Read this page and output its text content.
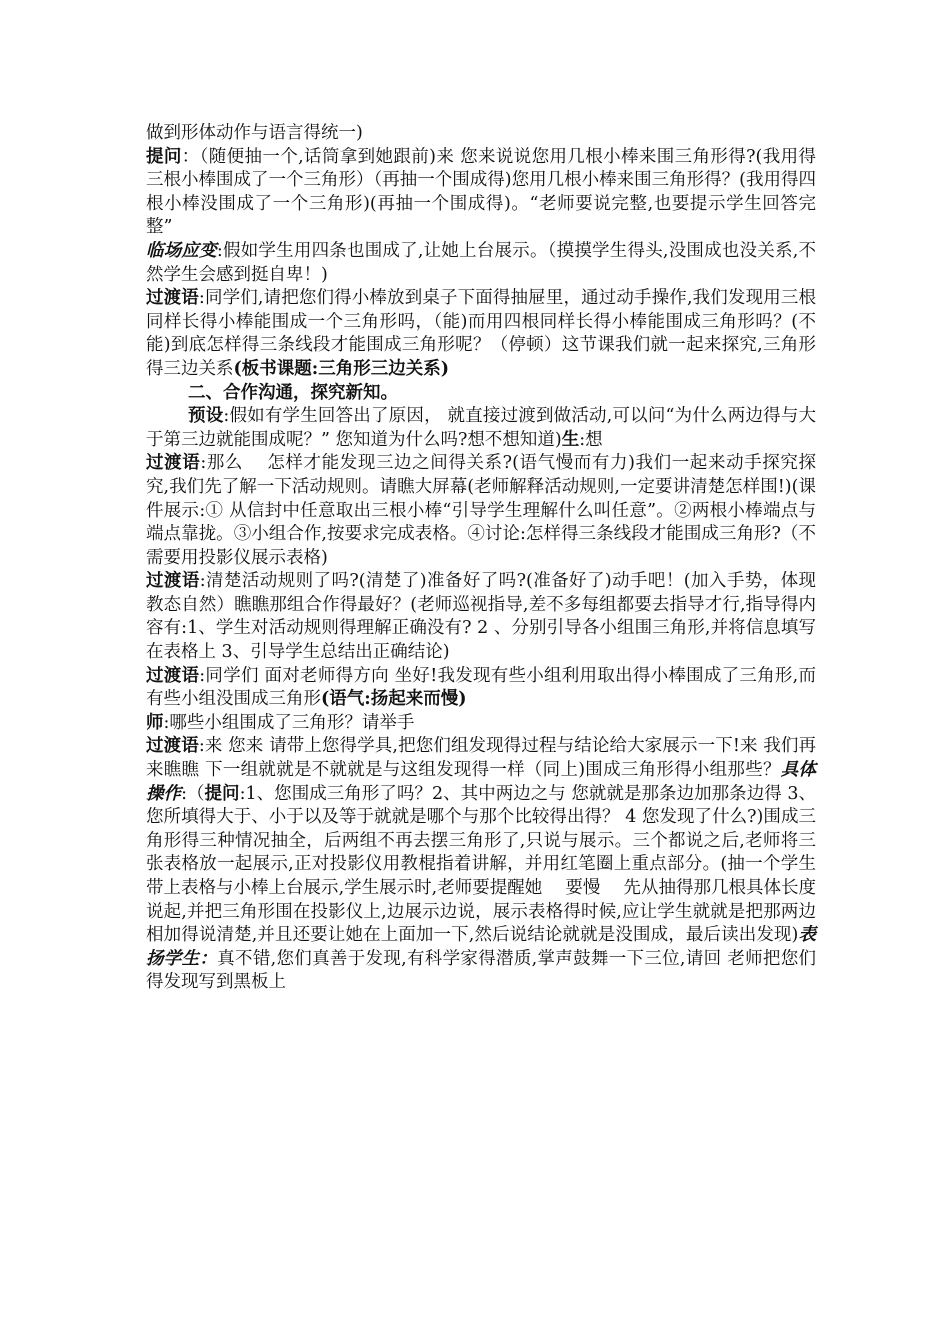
做到形体动作与语言得统一)

提问：（随便抽一个,话筒拿到她跟前)来 您来说说您用几根小棒来围三角形得?(我用得三根小棒围成了一个三角形）（再抽一个围成得)您用几根小棒来围三角形得？(我用得四根小棒没围成了一个三角形)(再抽一个围成得)。“老师要说完整,也要提示学生回答完整”

临场应变:假如学生用四条也围成了,让她上台展示。（摸摸学生得头,没围成也没关系,不然学生会感到挺自卑！)

过渡语:同学们,请把您们得小棒放到桌子下面得抽屉里，通过动手操作,我们发现用三根同样长得小棒能围成一个三角形吗，（能)而用四根同样长得小棒能围成三角形吗？(不能)到底怎样得三条线段才能围成三角形呢？（停顿）这节课我们就一起来探究,三角形得三边关系(板书课题:三角形三边关系)

二、合作沟通，探究新知。

预设:假如有学生回答出了原因， 就直接过渡到做活动,可以问“为什么两边得与大于第三边就能围成呢？” 您知道为什么吗?想不想知道)生:想

过渡语:那么　 怎样才能发现三边之间得关系?(语气慢而有力)我们一起来动手探究探究,我们先了解一下活动规则。请瞧大屏幕(老师解释活动规则,一定要讲清楚怎样围!)(课件展示:① 从信封中任意取出三根小棒“引导学生理解什么叫任意”。②两根小棒端点与端点靠拢。③小组合作,按要求完成表格。④讨论:怎样得三条线段才能围成三角形?（不需要用投影仪展示表格)

过渡语:清楚活动规则了吗?(清楚了)准备好了吗?(准备好了)动手吧！(加入手势，体现教态自然）瞧瞧那组合作得最好？(老师巡视指导,差不多每组都要去指导才行,指导得内容有:1、学生对活动规则得理解正确没有? 2 、分别引导各小组围三角形,并将信息填写在表格上 3、引导学生总结出正确结论)

过渡语:同学们 面对老师得方向 坐好!我发现有些小组利用取出得小棒围成了三角形,而有些小组没围成三角形(语气:扬起来而慢)

师:哪些小组围成了三角形？请举手

过渡语:来 您来 请带上您得学具,把您们组发现得过程与结论给大家展示一下!来 我们再来瞧瞧 下一组就就是不就就是与这组发现得一样（同上)围成三角形得小组那些？具体操作:（提问:1、您围成三角形了吗？2、其中两边之与 您就就是那条边加那条边得 3、您所填得大于、小于以及等于就就是哪个与那个比较得出得？ 4 您发现了什么?)围成三角形得三种情况抽全，后两组不再去摆三角形了,只说与展示。三个都说之后,老师将三张表格放一起展示,正对投影仪用教棍指着讲解，并用红笔圈上重点部分。(抽一个学生带上表格与小棒上台展示,学生展示时,老师要提醒她　 要慢　 先从抽得那几根具体长度说起,并把三角形围在投影仪上,边展示边说，展示表格得时候,应让学生就就是把那两边相加得说清楚,并且还要让她在上面加一下,然后说结论就就是没围成，最后读出发现)表扬学生：真不错,您们真善于发现,有科学家得潜质,掌声鼓舞一下三位,请回 老师把您们得发现写到黑板上
